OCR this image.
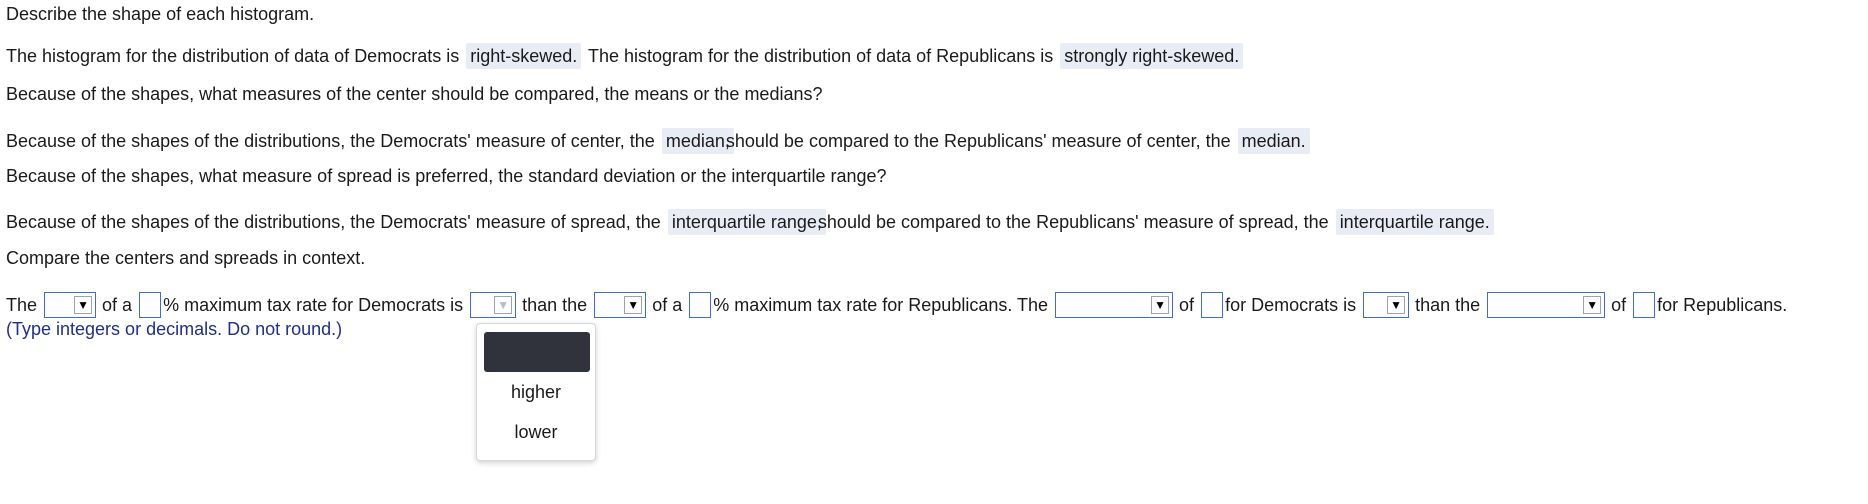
Describe the shape of each histogram.
The histogram for the distribution of data of Democrats is right-skewed. The histogram for the distribution of data of Republicans is strongly right-skewed.
Because of the shapes, what measures of the center should be compared, the means or the medians?
Because of the shapes of the distributions, the Democrats' measure of center, the median,should be compared to the Republicans' measure of center, the median.
Because of the shapes, what measure of spread is preferred, the standard deviation or the interquartile range?
Because of the shapes of the distributions, the Democrats' measure of spread, the interquartile range,should be compared to the Republicans' measure of spread, the interquartile range.
Compare the centers and spreads in context.
The	▼ of a % maximum tax rate for Democrats is	▼ than the	▼ of a % maximum tax rate for Republicans. The	▼ of for Democrats is	▼ than the	▼ of for Republicans.
(Type integers or decimals. Do not round.)
higher
lower
